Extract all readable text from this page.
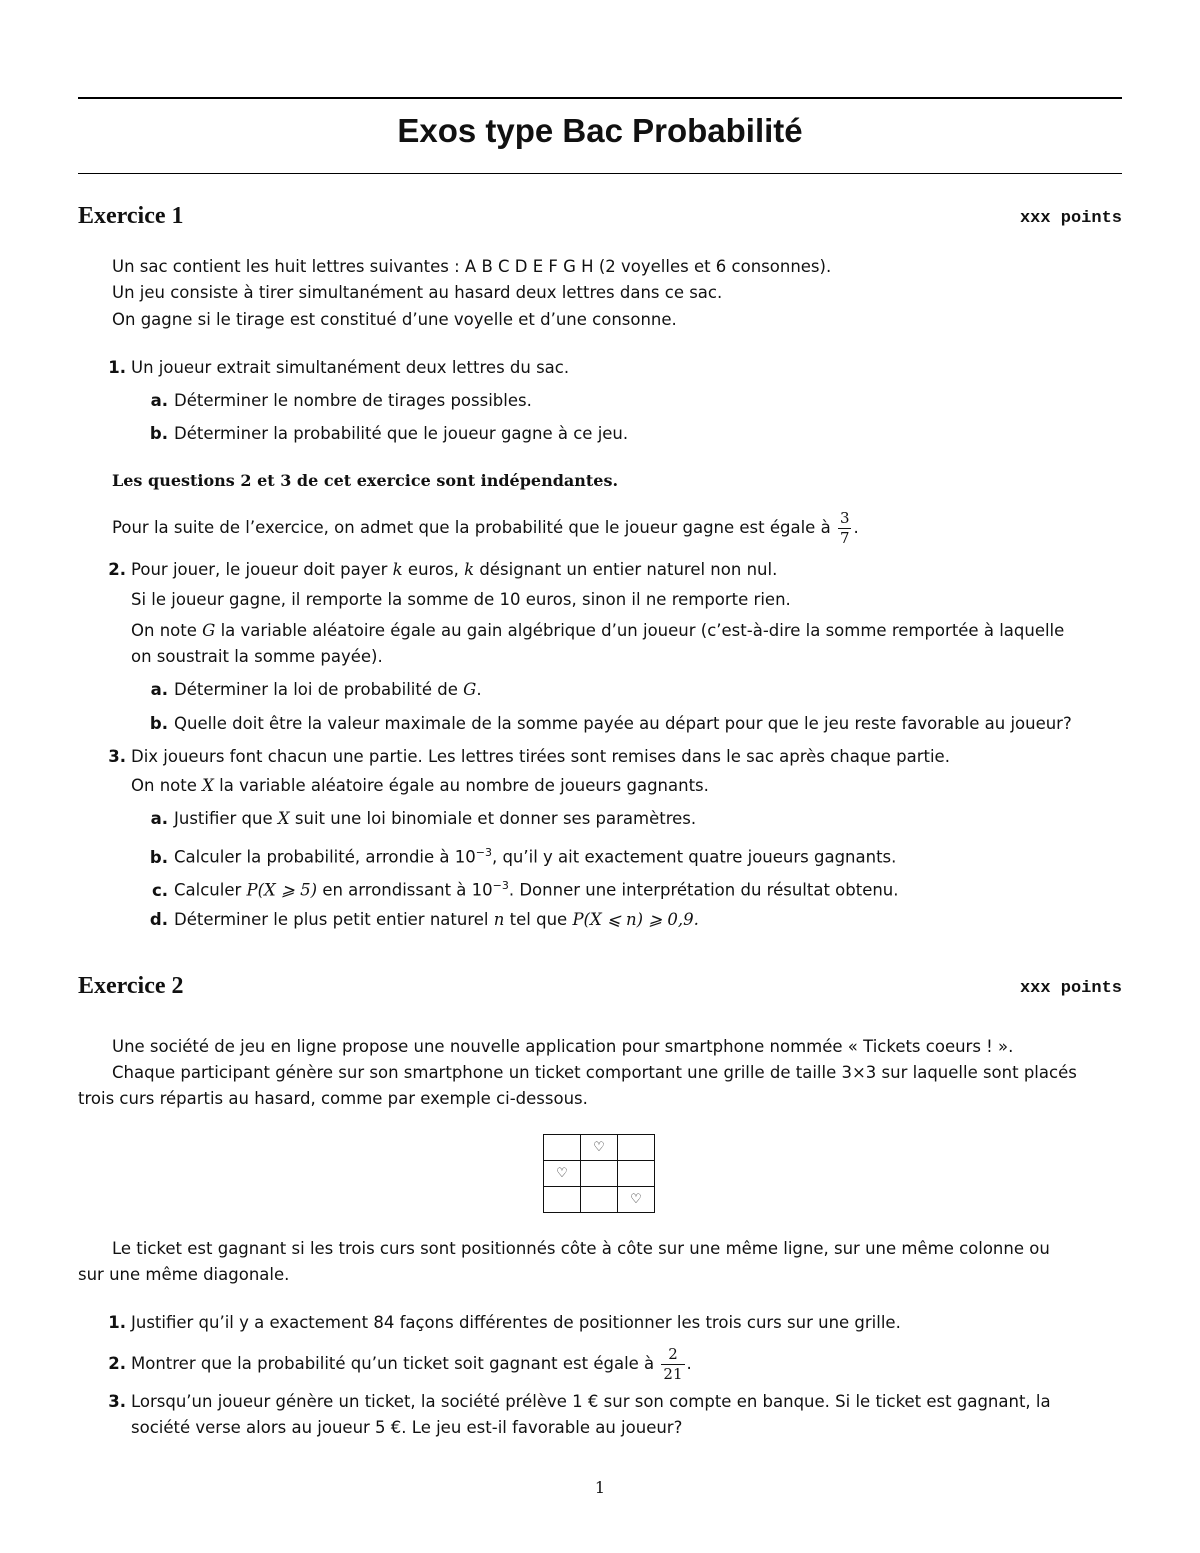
Exos type Bac Probabilité
Exercice 1	xxx points
Un sac contient les huit lettres suivantes : A B C D E F G H (2 voyelles et 6 consonnes).
Un jeu consiste à tirer simultanément au hasard deux lettres dans ce sac.
On gagne si le tirage est constitué d’une voyelle et d’une consonne.
1. Un joueur extrait simultanément deux lettres du sac.
a. Déterminer le nombre de tirages possibles.
b. Déterminer la probabilité que le joueur gagne à ce jeu.
Les questions 2 et 3 de cet exercice sont indépendantes.
Pour la suite de l’exercice, on admet que la probabilité que le joueur gagne est égale à $\frac{3}{7}$ .
2. Pour jouer, le joueur doit payer k euros, k désignant un entier naturel non nul.
Si le joueur gagne, il remporte la somme de 10 euros, sinon il ne remporte rien.
On note G la variable aléatoire égale au gain algébrique d’un joueur (c’est-à-dire la somme remportée à laquelle
on soustrait la somme payée).
a. Déterminer la loi de probabilité de G.
b. Quelle doit être la valeur maximale de la somme payée au départ pour que le jeu reste favorable au joueur?
3. Dix joueurs font chacun une partie. Les lettres tirées sont remises dans le sac après chaque partie.
On note X la variable aléatoire égale au nombre de joueurs gagnants.
a. Justifier que X suit une loi binomiale et donner ses paramètres.
b. Calculer la probabilité, arrondie à $10^{-3}$, qu’il y ait exactement quatre joueurs gagnants.
c. Calculer P(X ⩾ 5) en arrondissant à $10^{-3}$. Donner une interprétation du résultat obtenu.
d. Déterminer le plus petit entier naturel n tel que P(X ⩽ n) ⩾ 0,9.
Exercice 2	xxx points
Une société de jeu en ligne propose une nouvelle application pour smartphone nommée « Tickets coeurs ! ».
Chaque participant génère sur son smartphone un ticket comportant une grille de taille 3×3 sur laquelle sont placés
trois curs répartis au hasard, comme par exemple ci-dessous.
	♡	
♡		
		♡
Le ticket est gagnant si les trois curs sont positionnés côte à côte sur une même ligne, sur une même colonne ou
sur une même diagonale.
1. Justifier qu’il y a exactement 84 façons différentes de positionner les trois curs sur une grille.
2. Montrer que la probabilité qu’un ticket soit gagnant est égale à $\frac{2}{21}$ .
3. Lorsqu’un joueur génère un ticket, la société prélève 1 € sur son compte en banque. Si le ticket est gagnant, la
société verse alors au joueur 5 €. Le jeu est-il favorable au joueur?
1
